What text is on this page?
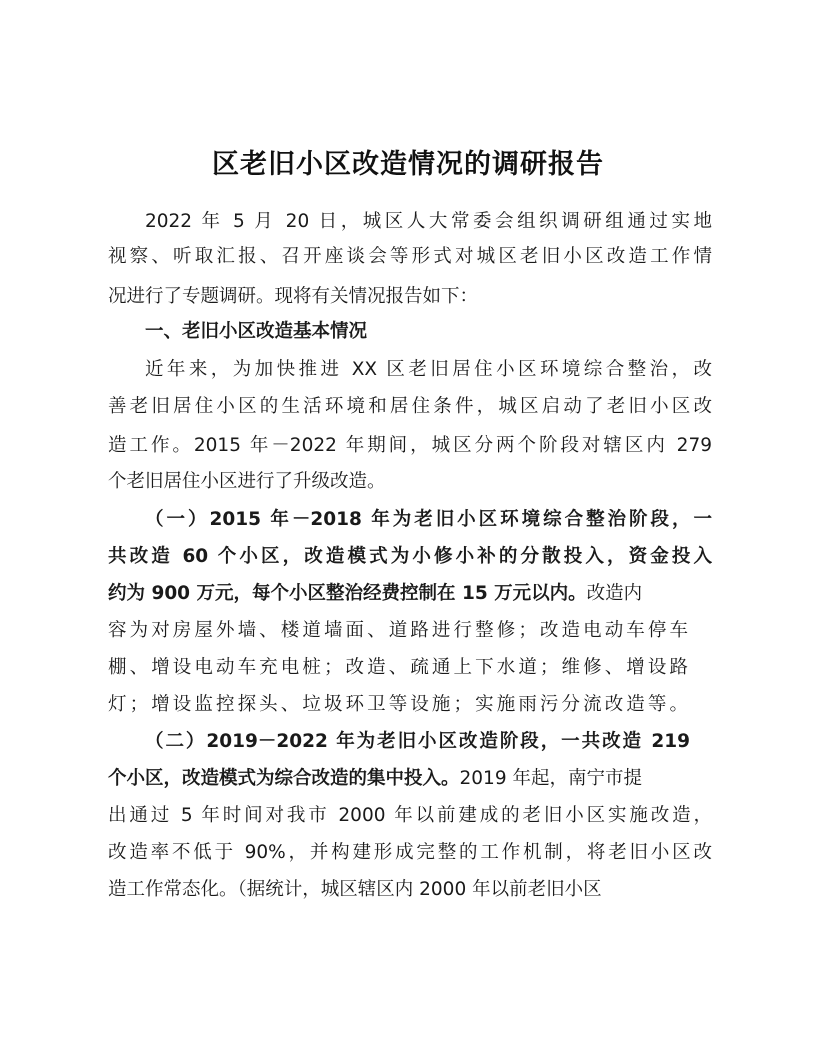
区老旧小区改造情况的调研报告
2022 年 5 月 20 日，城区人大常委会组织调研组通过实地
视察、听取汇报、召开座谈会等形式对城区老旧小区改造工作情
况进行了专题调研。现将有关情况报告如下：
一、老旧小区改造基本情况
近年来，为加快推进 XX 区老旧居住小区环境综合整治，改
善老旧居住小区的生活环境和居住条件，城区启动了老旧小区改
造工作。2015 年－2022 年期间，城区分两个阶段对辖区内 279
个老旧居住小区进行了升级改造。
（一）2015 年－2018 年为老旧小区环境综合整治阶段，一
共改造 60 个小区，改造模式为小修小补的分散投入，资金投入
约为 900 万元，每个小区整治经费控制在 15 万元以内。改造内
容为对房屋外墙、楼道墙面、道路进行整修；改造电动车停车
棚、增设电动车充电桩；改造、疏通上下水道；维修、增设路
灯；增设监控探头、垃圾环卫等设施；实施雨污分流改造等。
（二）2019－2022 年为老旧小区改造阶段，一共改造 219
个小区，改造模式为综合改造的集中投入。2019 年起，南宁市提
出通过 5 年时间对我市 2000 年以前建成的老旧小区实施改造，
改造率不低于 90%，并构建形成完整的工作机制，将老旧小区改
造工作常态化。（据统计，城区辖区内 2000 年以前老旧小区
